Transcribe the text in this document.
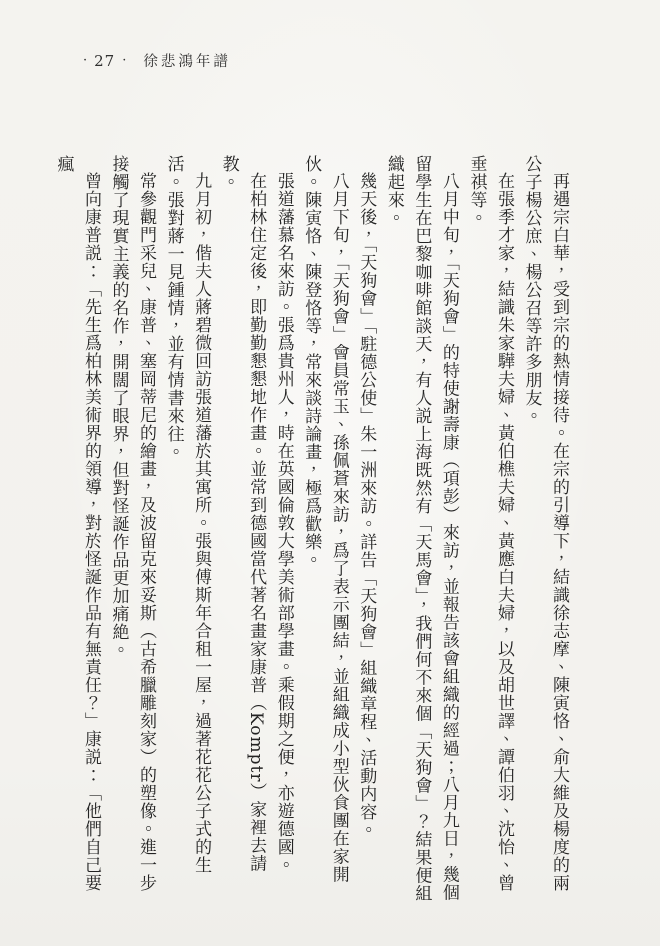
· 27 · 徐悲鴻年譜

再遇宗白華，受到宗的熱情接待。在宗的引導下，結識徐志摩、陳寅恪、俞大維及楊度的兩公子楊公庶、楊公召等許多朋友。

在張季才家，結識朱家驊夫婦、黃伯樵夫婦、黃應白夫婦，以及胡世譯、譚伯羽、沈怡、曾垂祺等。

八月中旬，「天狗會」的特使謝壽康（項彭）來訪，並報告該會組織的經過；八月九日，幾個留學生在巴黎咖啡館談天，有人説上海既然有「天馬會」，我們何不來個「天狗會」？結果便組織起來。

幾天後，「天狗會」「駐德公使」朱一洲來訪。詳告「天狗會」組織章程、活動内容。

八月下旬，「天狗會」會員常玉、孫佩蒼來訪，爲了表示團結，並組織成小型伙食團在家開伙。陳寅恪、陳登恪等，常來談詩論畫，極爲歡樂。

張道藩慕名來訪。張爲貴州人，時在英國倫敦大學美術部學畫。乘假期之便，亦遊德國。

在柏林住定後，即勤勤懇懇地作畫。並常到德國當代著名畫家康普（Komptr）家裡去請教。

九月初，偕夫人蔣碧微回訪張道藩於其寓所。張與傅斯年合租一屋，過著花花公子式的生活。張對蔣一見鍾情，並有情書來往。

常參觀門采兒、康普、塞岡蒂尼的繪畫，及波留克來妥斯（古希臘雕刻家）的塑像。進一步接觸了現實主義的名作，開闊了眼界，但對怪誕作品更加痛絶。

曾向康普説：「先生爲柏林美術界的領導，對於怪誕作品有無責任？」康説：「他們自己要瘋
